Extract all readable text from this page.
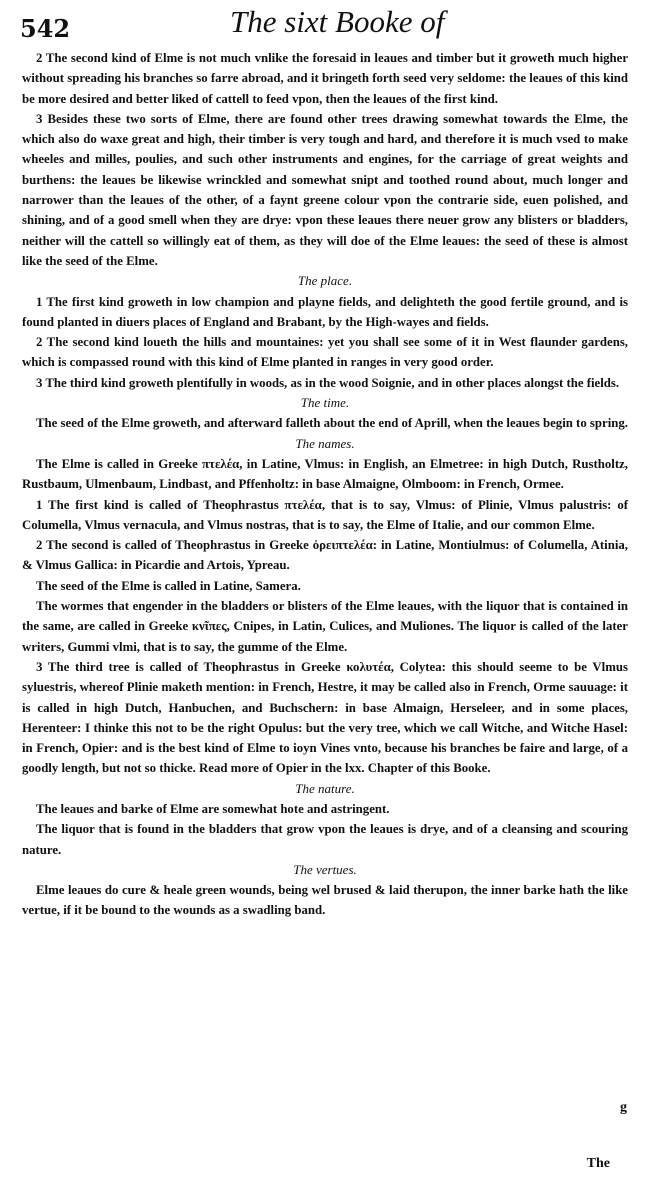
542	The sixt Booke of

2 The second kind of Elme is not much vnlike the foresaid in leaues and timber but it groweth much higher without spreading his branches so farre abroad, and it bringeth forth seed very seldome: the leaues of this kind be more desired and better liked of cattell to feed vpon, then the leaues of the first kind.

3 Besides these two sorts of Elme, there are found other trees drawing somewhat towards the Elme, the which also do waxe great and high, their timber is very tough and hard, and therefore it is much vsed to make wheeles and milles, poulies, and such other instruments and engines, for the carriage of great weights and burthens: the leaues be likewise wrinckled and somewhat snipt and toothed round about, much longer and narrower than the leaues of the other, of a faynt greene colour vpon the contrarie side, euen polished, and shining, and of a good smell when they are drye: vpon these leaues there neuer grow any blisters or bladders, neither will the cattell so willingly eat of them, as they will doe of the Elme leaues: the seed of these is almost like the seed of the Elme.

The place.

1 The first kind groweth in low champion and playne fields, and delighteth the good fertile ground, and is found planted in diuers places of England and Brabant, by the High-wayes and fields.

2 The second kind loueth the hills and mountaines: yet you shall see some of it in West flaunder gardens, which is compassed round with this kind of Elme planted in ranges in very good order.

3 The third kind groweth plentifully in woods, as in the wood Soignie, and in other places alongst the fields.

The time.

The seed of the Elme groweth, and afterward falleth about the end of Aprill, when the leaues begin to spring.

The names.

The Elme is called in Greeke πτελέα, in Latine, Vlmus: in English, an Elmetree: in high Dutch, Rustholtz, Rustbaum, Ulmenbaum, Lindbast, and Pffenholtz: in base Almaigne, Olmboom: in French, Ormee.

1 The first kind is called of Theophrastus πτελέα, that is to say, Vlmus: of Plinie, Vlmus palustris: of Columella, Vlmus vernacula, and Vlmus nostras, that is to say, the Elme of Italie, and our common Elme.

2 The second is called of Theophrastus in Greeke ὀρειπτελέα: in Latine, Montiulmus: of Columella, Atinia, & Vlmus Gallica: in Picardie and Artois, Ypreau.

The seed of the Elme is called in Latine, Samera.

The wormes that engender in the bladders or blisters of the Elme leaues, with the liquor that is contained in the same, are called in Greeke κνῖπες, Cnipes, in Latin, Culices, and Muliones. The liquor is called of the later writers, Gummi vlmi, that is to say, the gumme of the Elme.

3 The third tree is called of Theophrastus in Greeke κολυτέα, Colytea: this should seeme to be Vlmus syluestris, whereof Plinie maketh mention: in French, Hestre, it may be called also in French, Orme sauuage: it is called in high Dutch, Hanbuchen, and Buchschern: in base Almaign, Herseleer, and in some places, Herenteer: I thinke this not to be the right Opulus: but the very tree, which we call Witche, and Witche Hasel: in French, Opier: and is the best kind of Elme to ioyn Vines vnto, because his branches be faire and large, of a goodly length, but not so thicke. Read more of Opier in the lxx. Chapter of this Booke.

The nature.

The leaues and barke of Elme are somewhat hote and astringent.

The liquor that is found in the bladders that grow vpon the leaues is drye, and of a cleansing and scouring nature.

The vertues.

Elme leaues do cure & heale green wounds, being wel brused & laid therupon, the inner barke hath the like vertue, if it be bound to the wounds as a swadling band.

g
The
